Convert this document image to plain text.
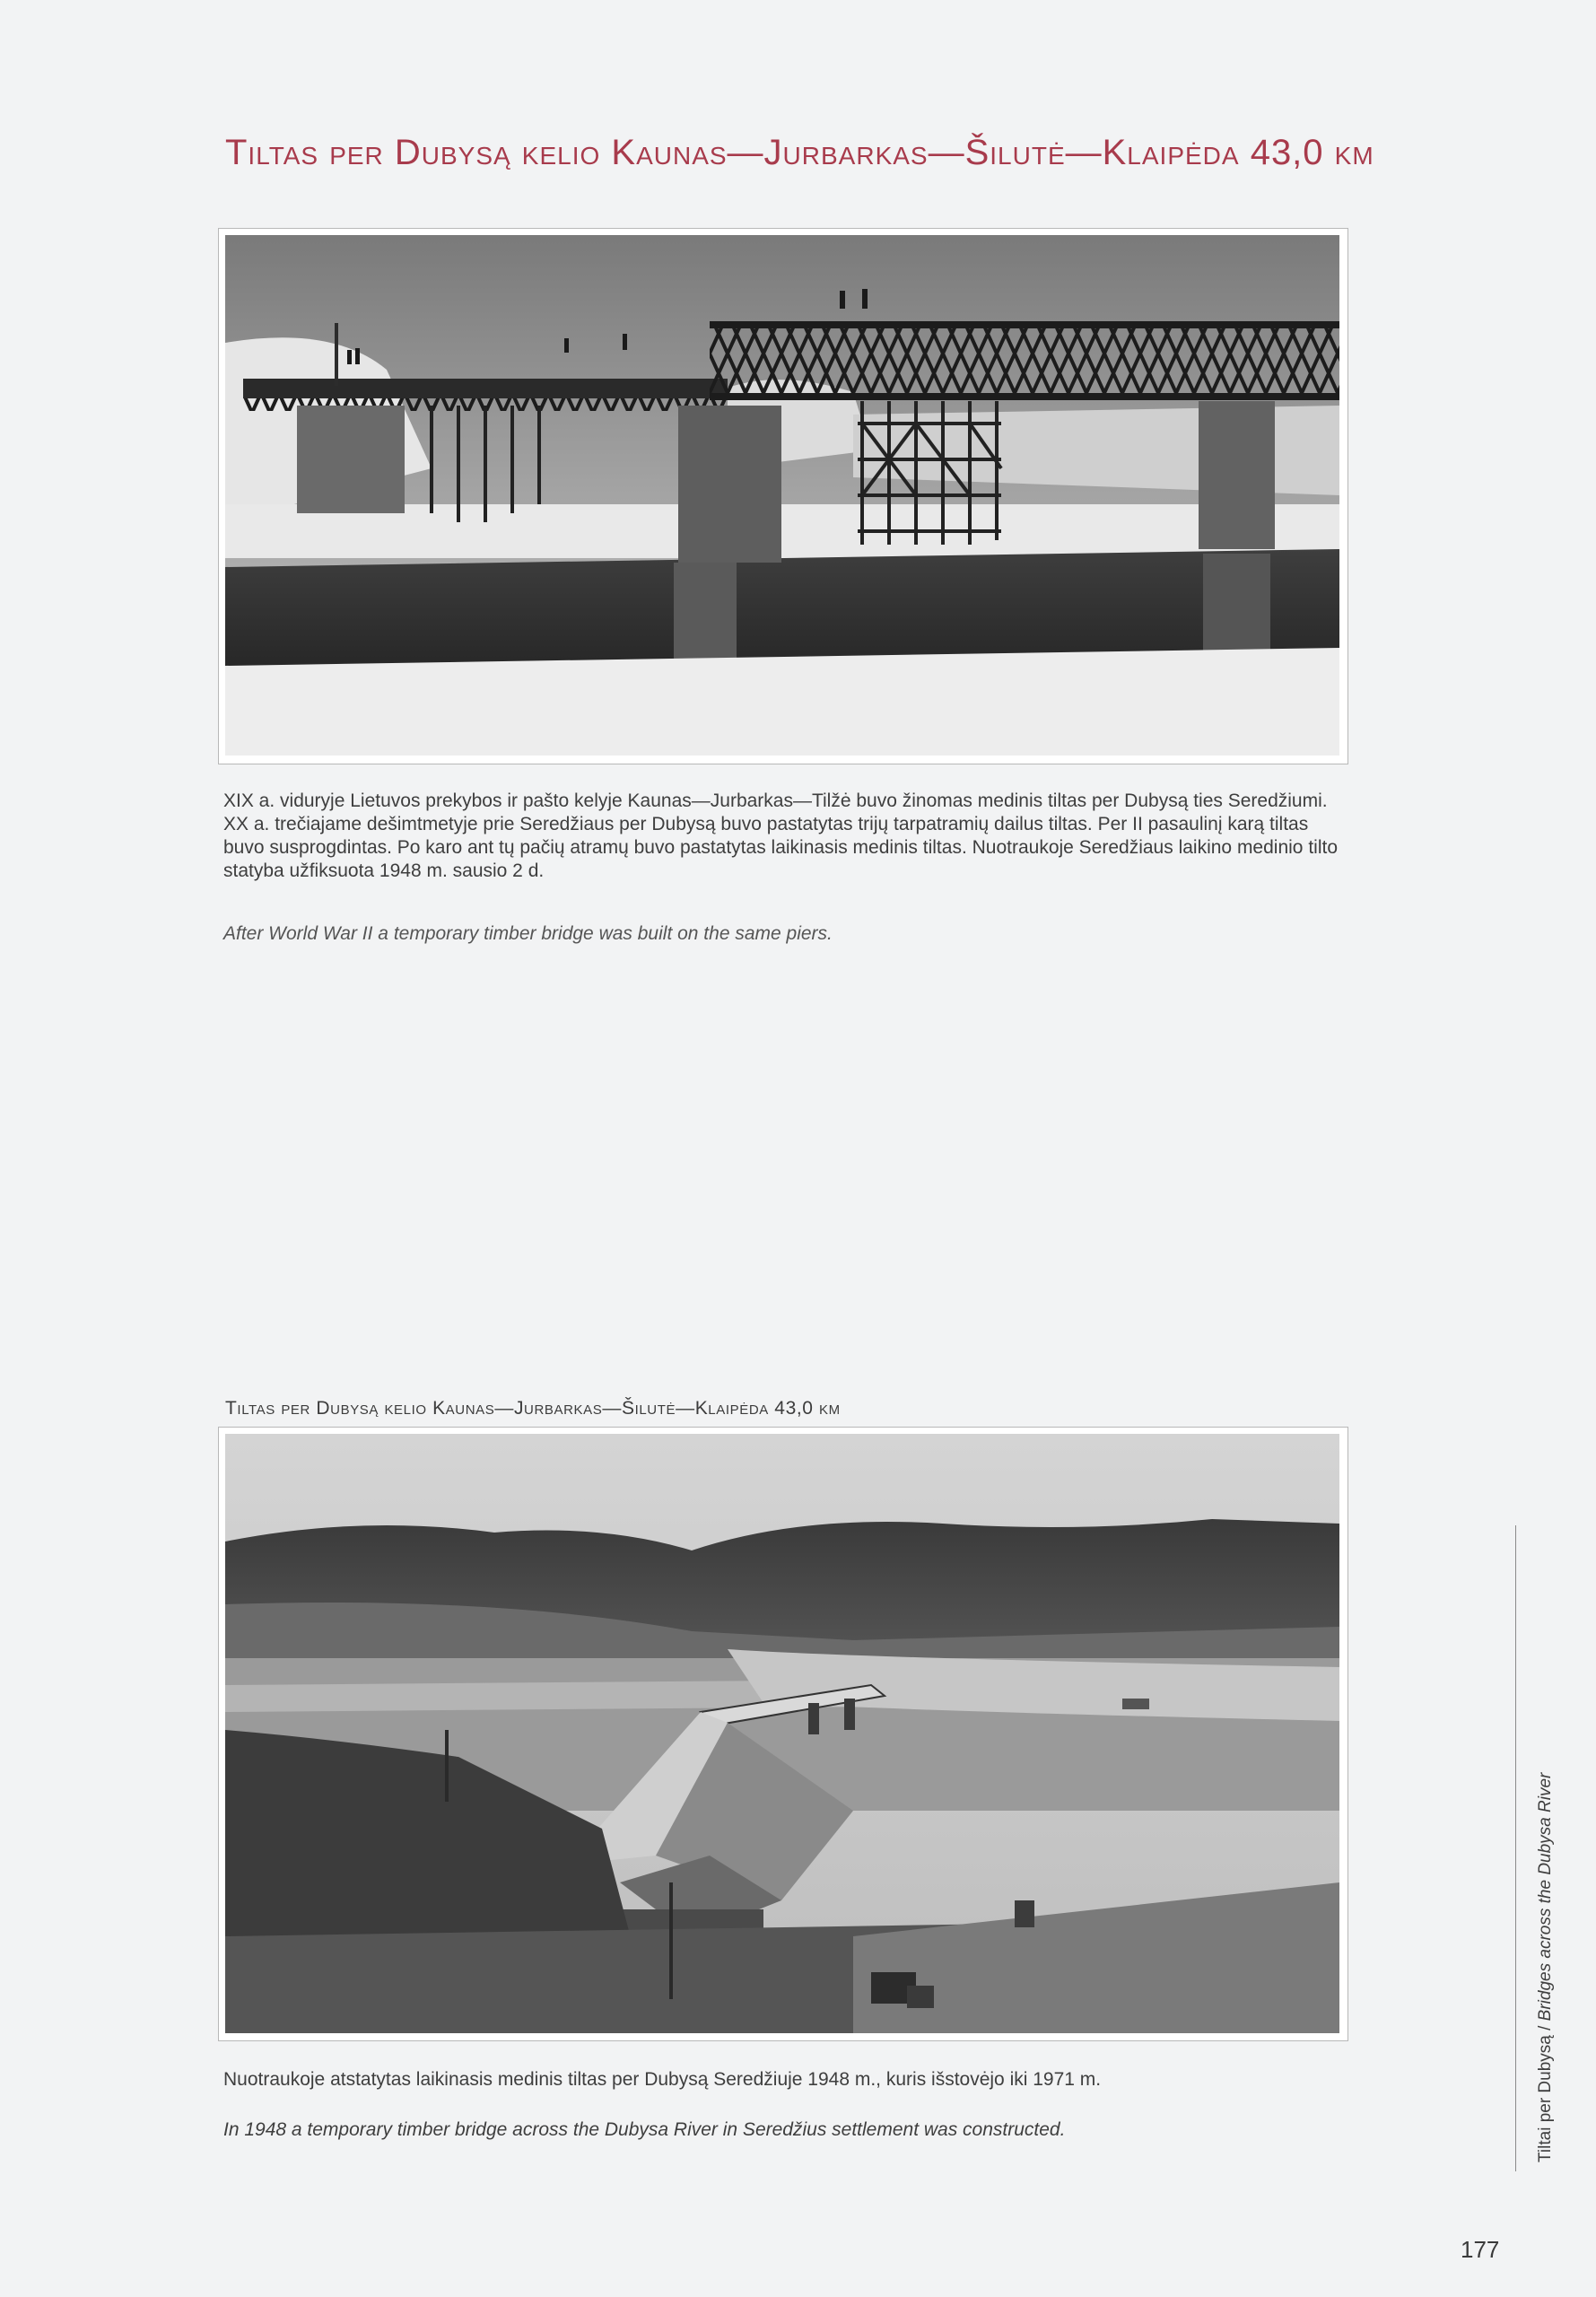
Tiltas per Dubysą kelio Kaunas—Jurbarkas—Šilutė—Klaipėda 43,0 km
XIX a. viduryje Lietuvos prekybos ir pašto kelyje Kaunas—Jurbarkas—Tilžė buvo žinomas medinis tiltas per Dubysą ties Seredžiumi. XX a. trečiajame dešimtmetyje prie Seredžiaus per Dubysą buvo pastatytas trijų tarpatramių dailus tiltas. Per II pasaulinį karą tiltas buvo susprogdintas. Po karo ant tų pačių atramų buvo pastatytas laikinasis medinis tiltas. Nuotraukoje Seredžiaus laikino medinio tilto statyba užfiksuota 1948 m. sausio 2 d.
After World War II a temporary timber bridge was built on the same piers.
Tiltas per Dubysą kelio Kaunas—Jurbarkas—Šilutė—Klaipėda 43,0 km
Nuotraukoje atstatytas laikinasis medinis tiltas per Dubysą Seredžiuje 1948 m., kuris išstovėjo iki 1971 m.
In 1948 a temporary timber bridge across the Dubysa River in Seredžius settlement was constructed.	Tiltai per Dubysą / Bridges across the Dubysa River
177
